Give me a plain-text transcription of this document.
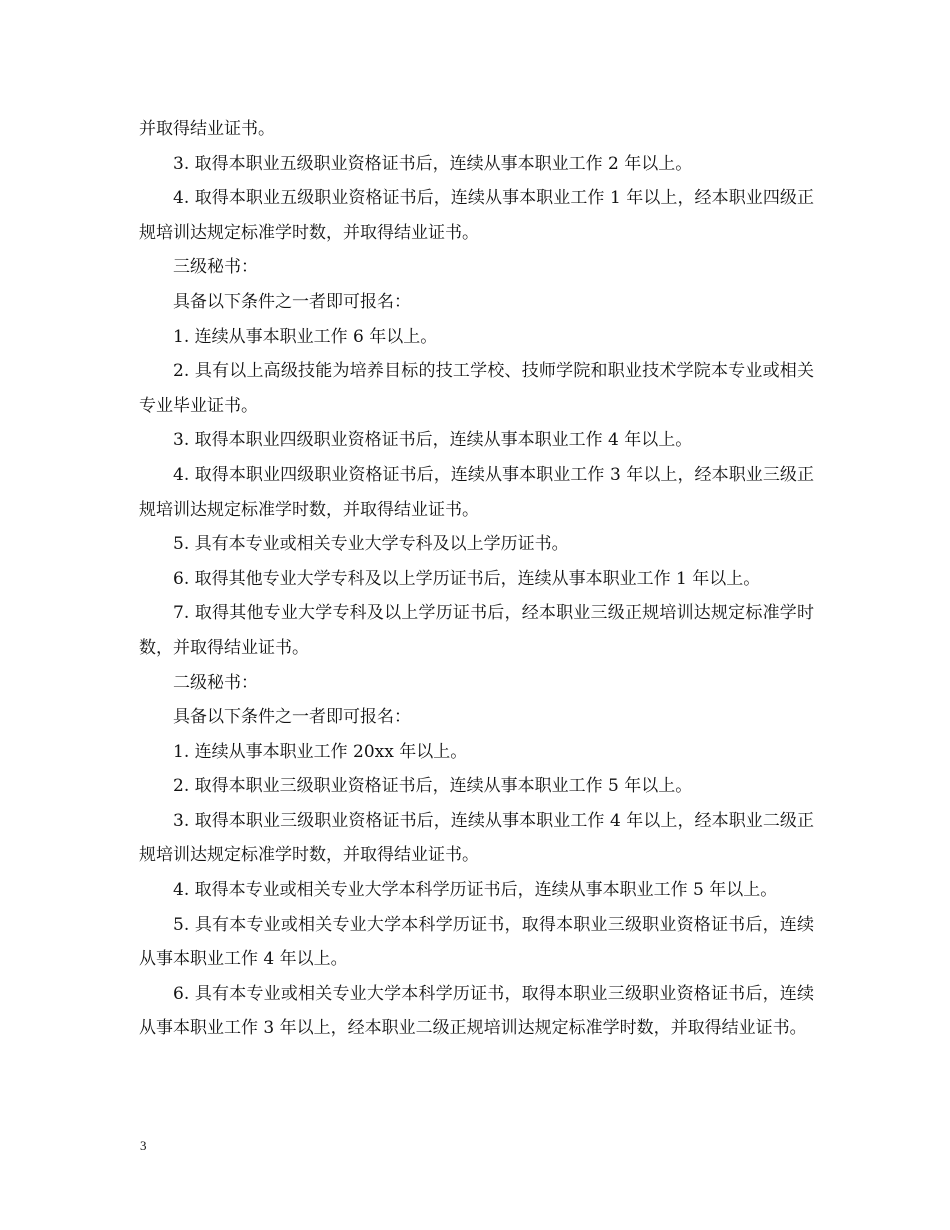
并取得结业证书。

3. 取得本职业五级职业资格证书后，连续从事本职业工作 2 年以上。

4. 取得本职业五级职业资格证书后，连续从事本职业工作 1 年以上，经本职业四级正规培训达规定标准学时数，并取得结业证书。

三级秘书：

具备以下条件之一者即可报名：

1. 连续从事本职业工作 6 年以上。

2. 具有以上高级技能为培养目标的技工学校、技师学院和职业技术学院本专业或相关专业毕业证书。

3. 取得本职业四级职业资格证书后，连续从事本职业工作 4 年以上。

4. 取得本职业四级职业资格证书后，连续从事本职业工作 3 年以上，经本职业三级正规培训达规定标准学时数，并取得结业证书。

5. 具有本专业或相关专业大学专科及以上学历证书。

6. 取得其他专业大学专科及以上学历证书后，连续从事本职业工作 1 年以上。

7. 取得其他专业大学专科及以上学历证书后，经本职业三级正规培训达规定标准学时数，并取得结业证书。

二级秘书：

具备以下条件之一者即可报名：

1. 连续从事本职业工作 20xx 年以上。

2. 取得本职业三级职业资格证书后，连续从事本职业工作 5 年以上。

3. 取得本职业三级职业资格证书后，连续从事本职业工作 4 年以上，经本职业二级正规培训达规定标准学时数，并取得结业证书。

4. 取得本专业或相关专业大学本科学历证书后，连续从事本职业工作 5 年以上。

5. 具有本专业或相关专业大学本科学历证书，取得本职业三级职业资格证书后，连续从事本职业工作 4 年以上。

6. 具有本专业或相关专业大学本科学历证书，取得本职业三级职业资格证书后，连续从事本职业工作 3 年以上，经本职业二级正规培训达规定标准学时数，并取得结业证书。

3
